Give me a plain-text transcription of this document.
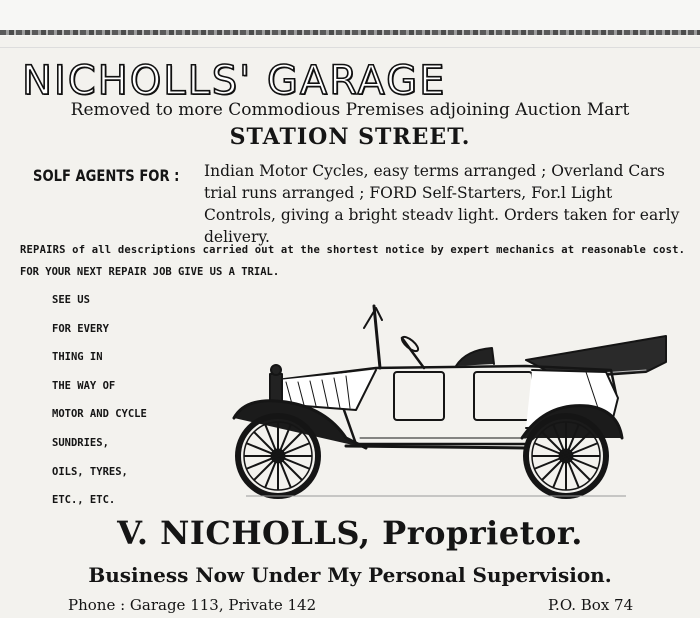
NICHOLLS' GARAGE
Removed to more Commodious Premises adjoining Auction Mart
STATION STREET.
SOLF AGENTS FOR : Indian Motor Cycles, easy terms arranged ; Overland Cars trial runs arranged ; FORD Self-Starters, For.l Light Controls, giving a bright steadv light. Orders taken for early delivery.
REPAIRS of all descriptions carried out at the shortest notice by expert mechanics at reasonable cost.
FOR YOUR NEXT REPAIR JOB GIVE US A TRIAL.
SEE US
FOR EVERY
THING IN
THE WAY OF
MOTOR AND CYCLE
SUNDRIES,
OILS, TYRES,
ETC., ETC.
V. NICHOLLS, Proprietor.
Business Now Under My Personal Supervision.
Phone : Garage 113, Private 142	P.O. Box 74
